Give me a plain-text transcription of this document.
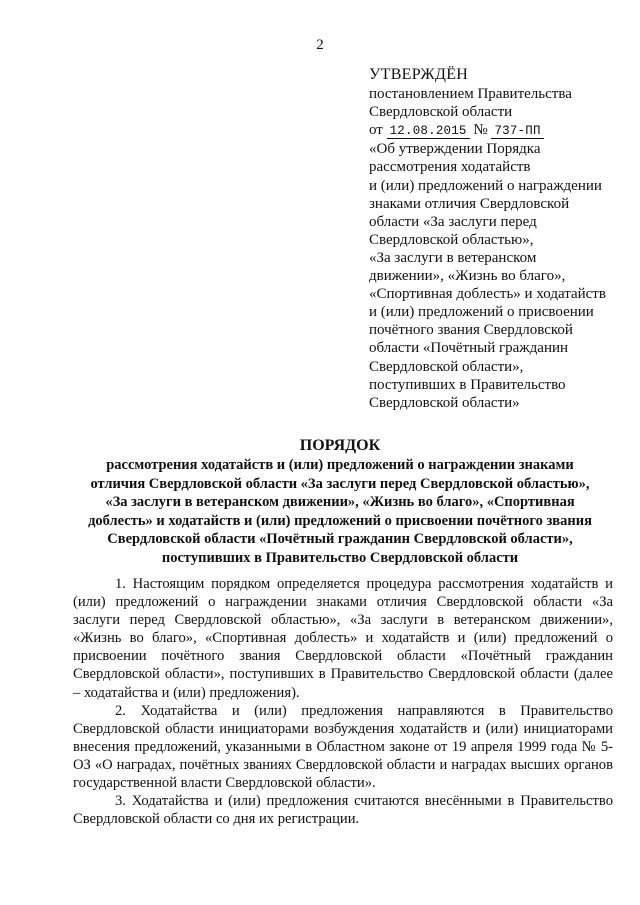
2
УТВЕРЖДЁН
постановлением Правительства
Свердловской области
от 12.08.2015 № 737-ПП
«Об утверждении Порядка
рассмотрения ходатайств
и (или) предложений о награждении
знаками отличия Свердловской
области «За заслуги перед
Свердловской областью»,
«За заслуги в ветеранском
движении», «Жизнь во благо»,
«Спортивная доблесть» и ходатайств
и (или) предложений о присвоении
почётного звания Свердловской
области «Почётный гражданин
Свердловской области»,
поступивших в Правительство
Свердловской области»
ПОРЯДОК
рассмотрения ходатайств и (или) предложений о награждении знаками
отличия Свердловской области «За заслуги перед Свердловской областью»,
«За заслуги в ветеранском движении», «Жизнь во благо», «Спортивная
доблесть» и ходатайств и (или) предложений о присвоении почётного звания
Свердловской области «Почётный гражданин Свердловской области»,
поступивших в Правительство Свердловской области

1. Настоящим порядком определяется процедура рассмотрения ходатайств и (или) предложений о награждении знаками отличия Свердловской области «За заслуги перед Свердловской областью», «За заслуги в ветеранском движении», «Жизнь во благо», «Спортивная доблесть» и ходатайств и (или) предложений о присвоении почётного звания Свердловской области «Почётный гражданин Свердловской области», поступивших в Правительство Свердловской области (далее – ходатайства и (или) предложения).

2. Ходатайства и (или) предложения направляются в Правительство Свердловской области инициаторами возбуждения ходатайств и (или) инициаторами внесения предложений, указанными в Областном законе от 19 апреля 1999 года № 5-ОЗ «О наградах, почётных званиях Свердловской области и наградах высших органов государственной власти Свердловской области».

3. Ходатайства и (или) предложения считаются внесёнными в Правительство Свердловской области со дня их регистрации.
